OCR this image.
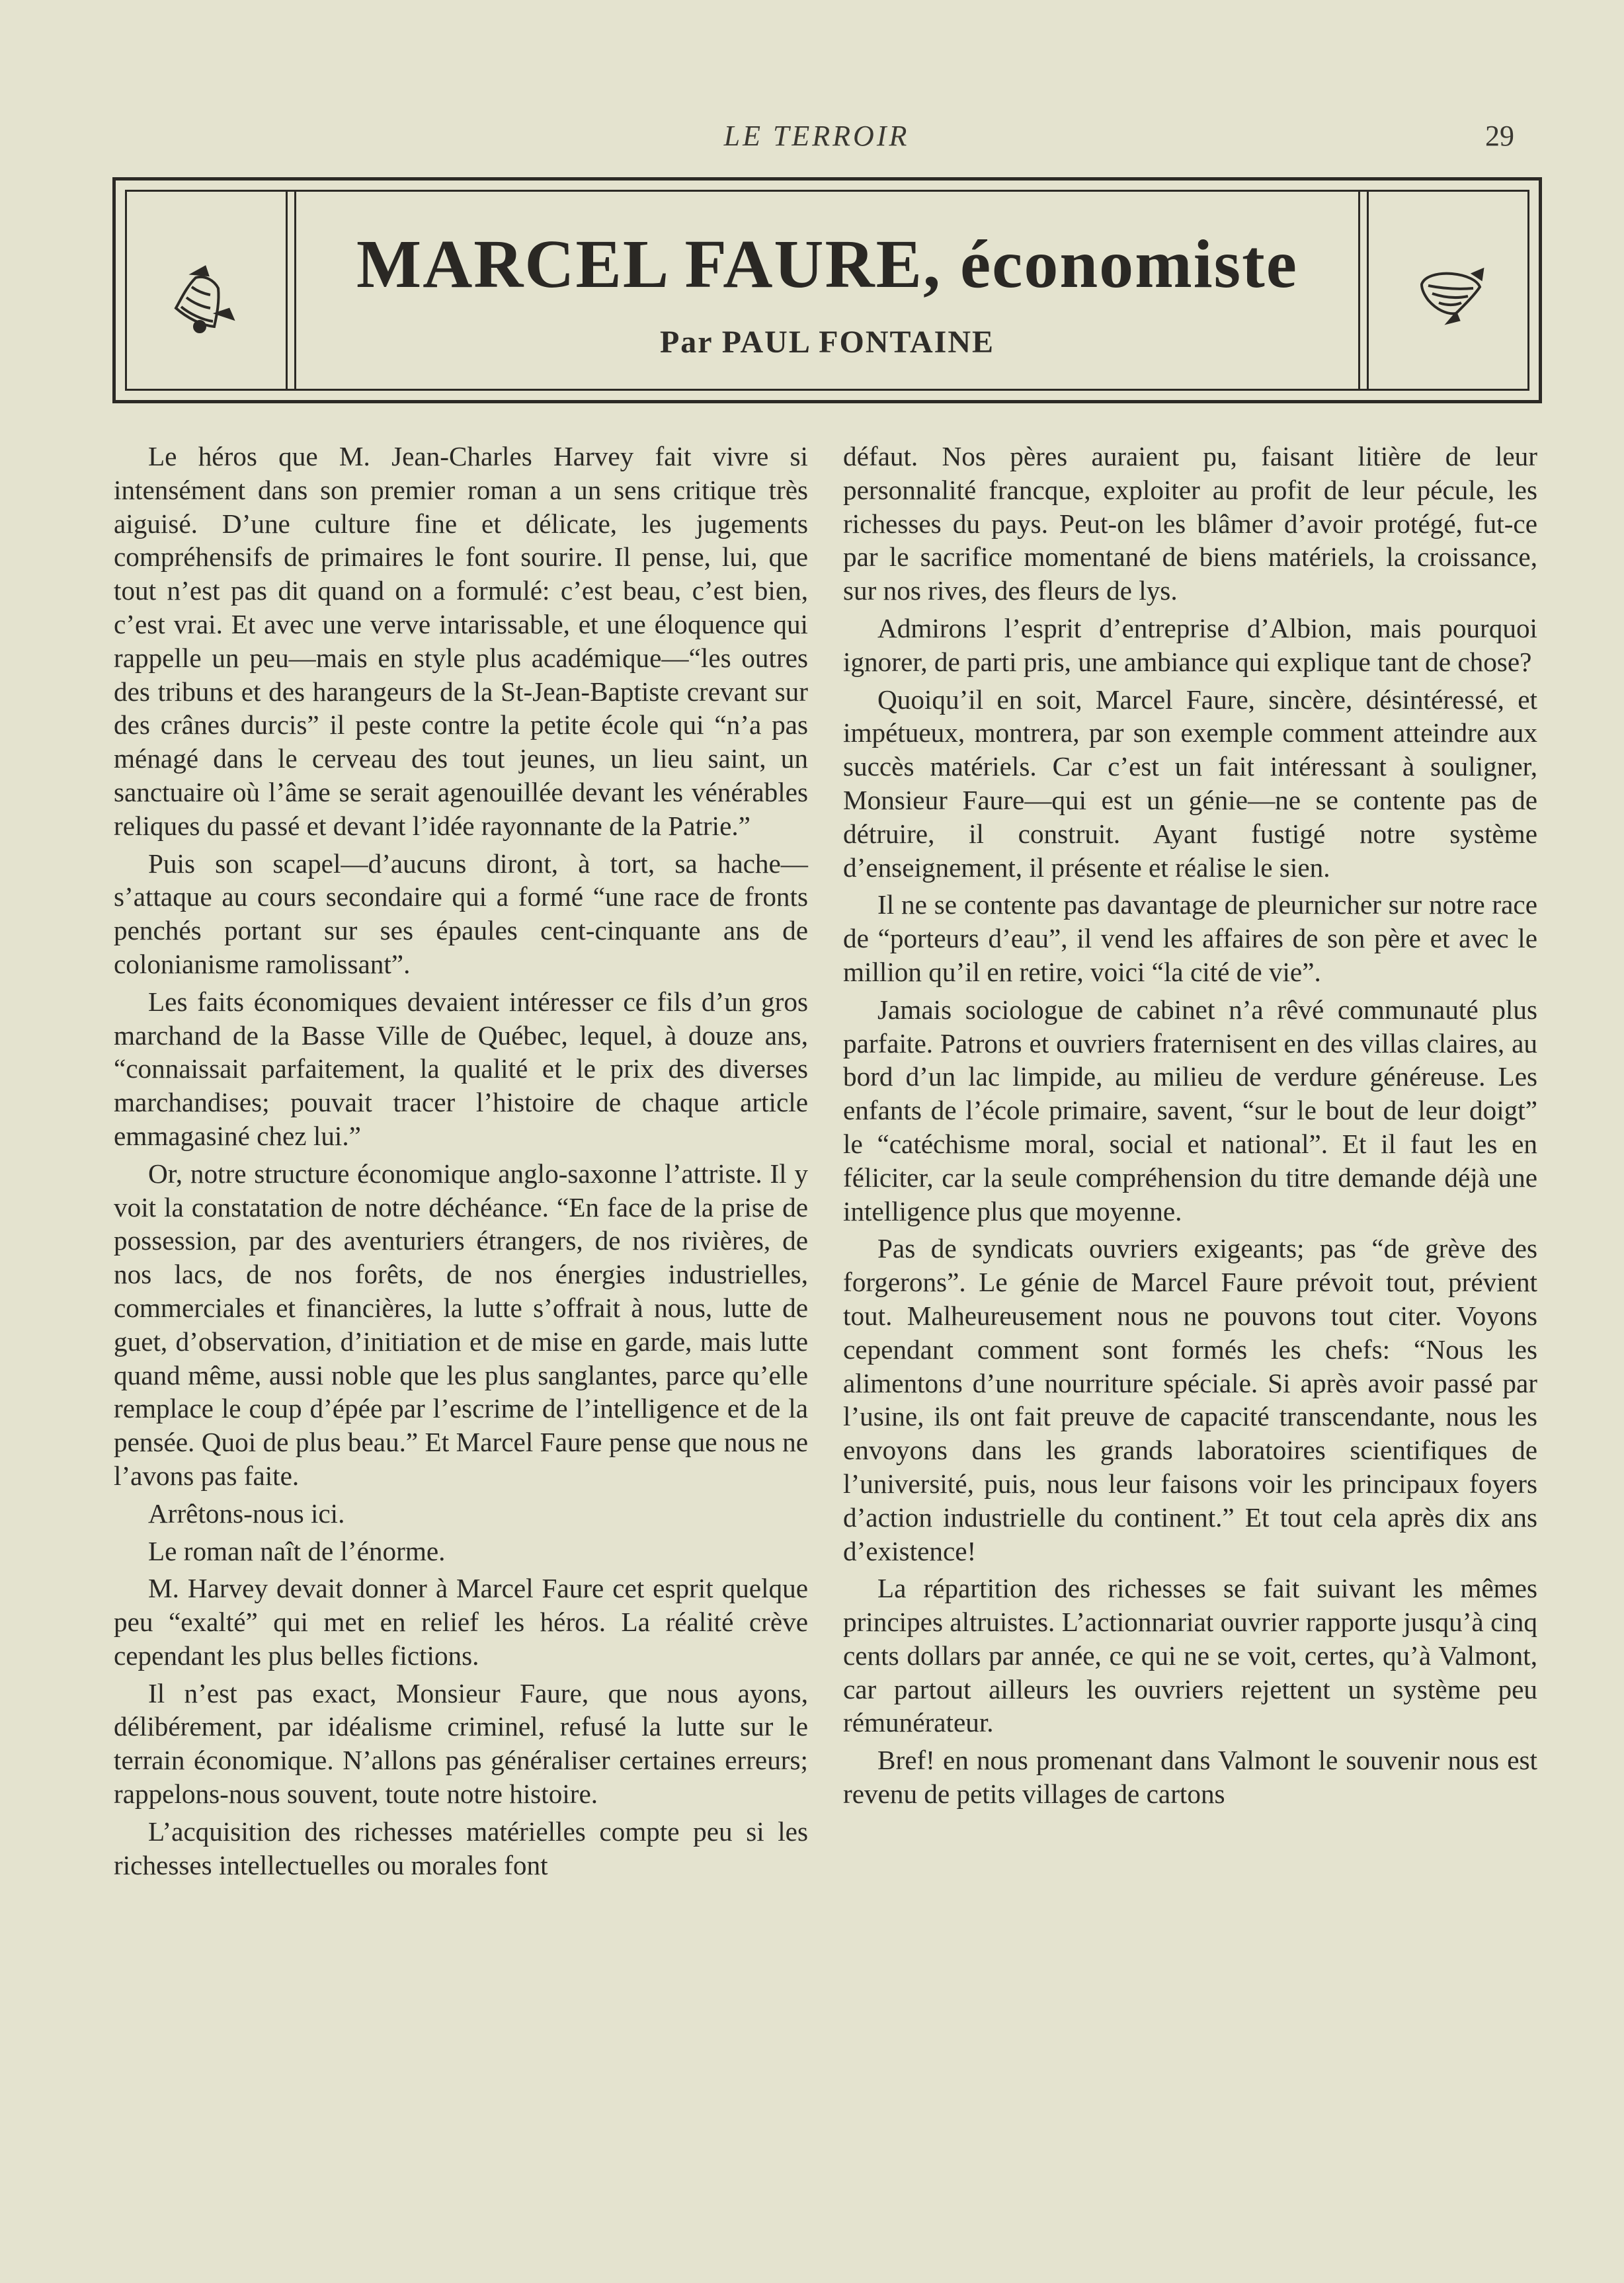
LE TERROIR	29
MARCEL FAURE, économiste
Par PAUL FONTAINE

Le héros que M. Jean-Charles Harvey fait vivre si intensément dans son premier roman a un sens critique très aiguisé. D’une culture fine et délicate, les jugements compréhensifs de primaires le font sourire. Il pense, lui, que tout n’est pas dit quand on a formulé: c’est beau, c’est bien, c’est vrai. Et avec une verve intarissable, et une éloquence qui rappelle un peu—mais en style plus académique—“les outres des tribuns et des harangeurs de la St-Jean-Baptiste crevant sur des crânes durcis” il peste contre la petite école qui “n’a pas ménagé dans le cerveau des tout jeunes, un lieu saint, un sanctuaire où l’âme se serait agenouillée devant les vénérables reliques du passé et devant l’idée rayonnante de la Patrie.”

Puis son scapel—d’aucuns diront, à tort, sa hache—s’attaque au cours secondaire qui a formé “une race de fronts penchés portant sur ses épaules cent-cinquante ans de colonianisme ramolissant”.

Les faits économiques devaient intéresser ce fils d’un gros marchand de la Basse Ville de Québec, lequel, à douze ans, “connaissait parfaitement, la qualité et le prix des diverses marchandises; pouvait tracer l’histoire de chaque article emmagasiné chez lui.”

Or, notre structure économique anglo-saxonne l’attriste. Il y voit la constatation de notre déchéance. “En face de la prise de possession, par des aventuriers étrangers, de nos rivières, de nos lacs, de nos forêts, de nos énergies industrielles, commerciales et financières, la lutte s’offrait à nous, lutte de guet, d’observation, d’initiation et de mise en garde, mais lutte quand même, aussi noble que les plus sanglantes, parce qu’elle remplace le coup d’épée par l’escrime de l’intelligence et de la pensée. Quoi de plus beau.” Et Marcel Faure pense que nous ne l’avons pas faite.

Arrêtons-nous ici.

Le roman naît de l’énorme.

M. Harvey devait donner à Marcel Faure cet esprit quelque peu “exalté” qui met en relief les héros. La réalité crève cependant les plus belles fictions.

Il n’est pas exact, Monsieur Faure, que nous ayons, délibérement, par idéalisme criminel, refusé la lutte sur le terrain économique. N’allons pas généraliser certaines erreurs; rappelons-nous souvent, toute notre histoire.

L’acquisition des richesses matérielles compte peu si les richesses intellectuelles ou morales font

défaut. Nos pères auraient pu, faisant litière de leur personnalité francque, exploiter au profit de leur pécule, les richesses du pays. Peut-on les blâmer d’avoir protégé, fut-ce par le sacrifice momentané de biens matériels, la croissance, sur nos rives, des fleurs de lys.

Admirons l’esprit d’entreprise d’Albion, mais pourquoi ignorer, de parti pris, une ambiance qui explique tant de chose?

Quoiqu’il en soit, Marcel Faure, sincère, désintéressé, et impétueux, montrera, par son exemple comment atteindre aux succès matériels. Car c’est un fait intéressant à souligner, Monsieur Faure—qui est un génie—ne se contente pas de détruire, il construit. Ayant fustigé notre système d’enseignement, il présente et réalise le sien.

Il ne se contente pas davantage de pleurnicher sur notre race de “porteurs d’eau”, il vend les affaires de son père et avec le million qu’il en retire, voici “la cité de vie”.

Jamais sociologue de cabinet n’a rêvé communauté plus parfaite. Patrons et ouvriers fraternisent en des villas claires, au bord d’un lac limpide, au milieu de verdure généreuse. Les enfants de l’école primaire, savent, “sur le bout de leur doigt” le “catéchisme moral, social et national”. Et il faut les en féliciter, car la seule compréhension du titre demande déjà une intelligence plus que moyenne.

Pas de syndicats ouvriers exigeants; pas “de grève des forgerons”. Le génie de Marcel Faure prévoit tout, prévient tout. Malheureusement nous ne pouvons tout citer. Voyons cependant comment sont formés les chefs: “Nous les alimentons d’une nourriture spéciale. Si après avoir passé par l’usine, ils ont fait preuve de capacité transcendante, nous les envoyons dans les grands laboratoires scientifiques de l’université, puis, nous leur faisons voir les principaux foyers d’action industrielle du continent.” Et tout cela après dix ans d’existence!

La répartition des richesses se fait suivant les mêmes principes altruistes. L’actionnariat ouvrier rapporte jusqu’à cinq cents dollars par année, ce qui ne se voit, certes, qu’à Valmont, car partout ailleurs les ouvriers rejettent un système peu rémunérateur.

Bref! en nous promenant dans Valmont le souvenir nous est revenu de petits villages de cartons
